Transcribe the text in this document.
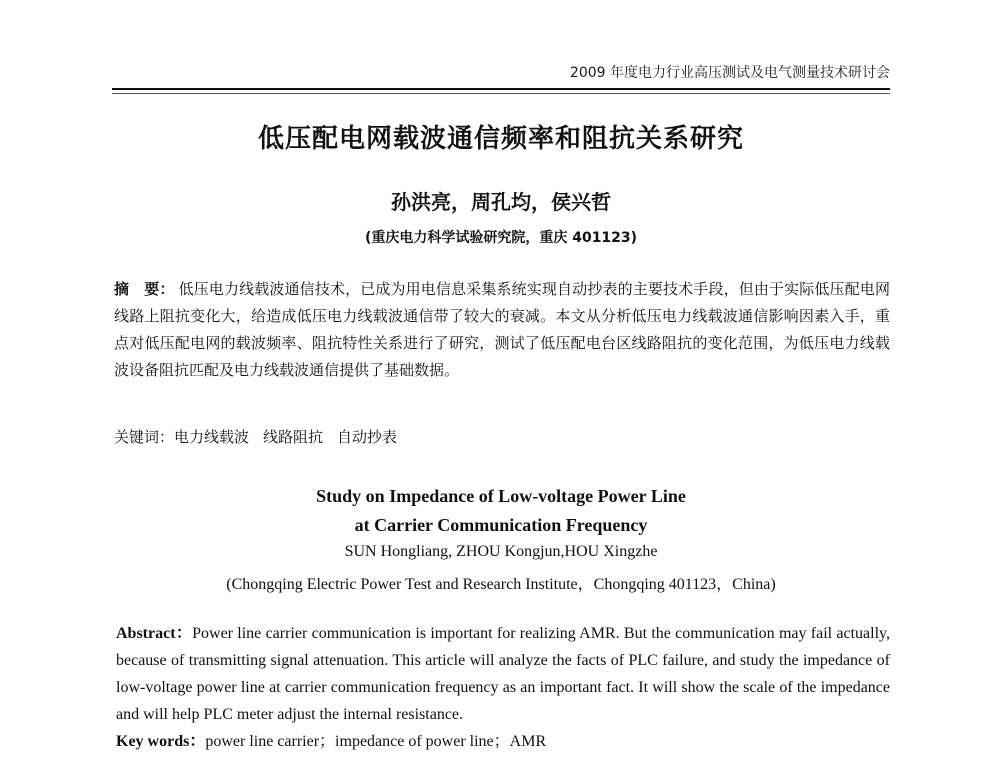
2009 年度电力行业高压测试及电气测量技术研讨会
低压配电网载波通信频率和阻抗关系研究
孙洪亮，周孔均，侯兴哲
(重庆电力科学试验研究院，重庆 401123)
摘　要： 低压电力线载波通信技术，已成为用电信息采集系统实现自动抄表的主要技术手段，但由于实际低压配电网线路上阻抗变化大，给造成低压电力线载波通信带了较大的衰减。本文从分析低压电力线载波通信影响因素入手，重点对低压配电网的载波频率、阻抗特性关系进行了研究，测试了低压配电台区线路阻抗的变化范围，为低压电力线载波设备阻抗匹配及电力线载波通信提供了基础数据。
关键词：电力线载波 线路阻抗 自动抄表
Study on Impedance of Low-voltage Power Line
at Carrier Communication Frequency
SUN Hongliang, ZHOU Kongjun,HOU Xingzhe
(Chongqing Electric Power Test and Research Institute，Chongqing 401123，China)
Abstract：Power line carrier communication is important for realizing AMR. But the communication may fail actually, because of transmitting signal attenuation. This article will analyze the facts of PLC failure, and study the impedance of low-voltage power line at carrier communication frequency as an important fact. It will show the scale of the impedance and will help PLC meter adjust the internal resistance.
Key words：power line carrier；impedance of power line；AMR
